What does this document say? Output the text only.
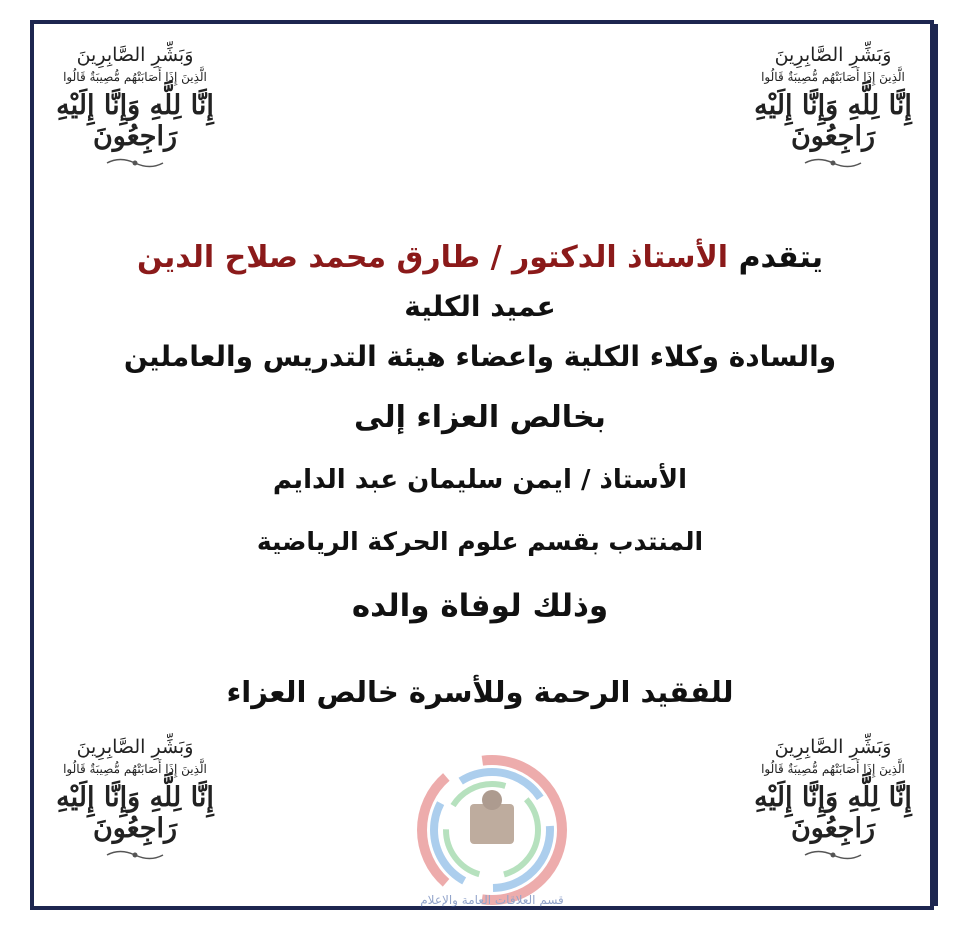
وَبَشِّرِ الصَّابِرِينَ
الَّذِينَ إِذَا أَصَابَتْهُم مُّصِيبَةٌ قَالُوا
إِنَّا لِلَّهِ وَإِنَّا إِلَيْهِ رَاجِعُونَ
وَبَشِّرِ الصَّابِرِينَ
الَّذِينَ إِذَا أَصَابَتْهُم مُّصِيبَةٌ قَالُوا
إِنَّا لِلَّهِ وَإِنَّا إِلَيْهِ رَاجِعُونَ
وَبَشِّرِ الصَّابِرِينَ
الَّذِينَ إِذَا أَصَابَتْهُم مُّصِيبَةٌ قَالُوا
إِنَّا لِلَّهِ وَإِنَّا إِلَيْهِ رَاجِعُونَ
وَبَشِّرِ الصَّابِرِينَ
الَّذِينَ إِذَا أَصَابَتْهُم مُّصِيبَةٌ قَالُوا
إِنَّا لِلَّهِ وَإِنَّا إِلَيْهِ رَاجِعُونَ
يتقدم الأستاذ الدكتور / طارق محمد صلاح الدين
عميد الكلية
والسادة وكلاء الكلية واعضاء هيئة التدريس والعاملين
بخالص العزاء إلى
الأستاذ / ايمن سليمان عبد الدايم
المنتدب بقسم علوم الحركة الرياضية
وذلك لوفاة والده
للفقيد الرحمة وللأسرة خالص العزاء
قسم العلاقات العامة والإعلام
